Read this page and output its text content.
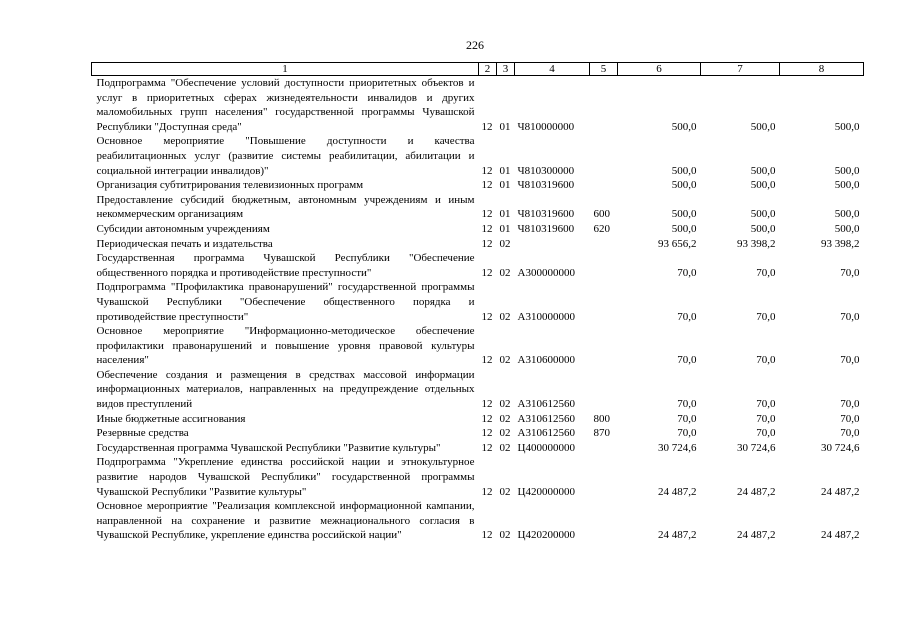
226
1	2	3	4	5	6	7	8
Подпрограмма "Обеспечение условий доступности приоритетных объектов и услуг в приоритетных сферах жизнедеятельности инвалидов и других маломобильных групп населения" государственной программы Чувашской Республики "Доступная среда"	12	01	Ч810000000		500,0	500,0	500,0
Основное мероприятие "Повышение доступности и качества реабилитационных услуг (развитие системы реабилитации, абилитации и социальной интеграции инвалидов)"	12	01	Ч810300000		500,0	500,0	500,0
Организация субтитрирования телевизионных программ	12	01	Ч810319600		500,0	500,0	500,0
Предоставление субсидий бюджетным, автономным учреждениям и иным некоммерческим организациям	12	01	Ч810319600	600	500,0	500,0	500,0
Субсидии автономным учреждениям	12	01	Ч810319600	620	500,0	500,0	500,0
Периодическая печать и издательства	12	02			93 656,2	93 398,2	93 398,2
Государственная программа Чувашской Республики "Обеспечение общественного порядка и противодействие преступности"	12	02	А300000000		70,0	70,0	70,0
Подпрограмма "Профилактика правонарушений" государственной программы Чувашской Республики "Обеспечение общественного порядка и противодействие преступности"	12	02	А310000000		70,0	70,0	70,0
Основное мероприятие "Информационно-методическое обеспечение профилактики правонарушений и повышение уровня правовой культуры населения"	12	02	А310600000		70,0	70,0	70,0
Обеспечение создания и размещения в средствах массовой информации информационных материалов, направленных на предупреждение отдельных видов преступлений	12	02	А310612560		70,0	70,0	70,0
Иные бюджетные ассигнования	12	02	А310612560	800	70,0	70,0	70,0
Резервные средства	12	02	А310612560	870	70,0	70,0	70,0
Государственная программа Чувашской Республики "Развитие культуры"	12	02	Ц400000000		30 724,6	30 724,6	30 724,6
Подпрограмма "Укрепление единства российской нации и этнокультурное развитие народов Чувашской Республики" государственной программы Чувашской Республики "Развитие культуры"	12	02	Ц420000000		24 487,2	24 487,2	24 487,2
Основное мероприятие "Реализация комплексной информационной кампании, направленной на сохранение и развитие межнационального согласия в Чувашской Республике, укрепление единства российской нации"	12	02	Ц420200000		24 487,2	24 487,2	24 487,2
